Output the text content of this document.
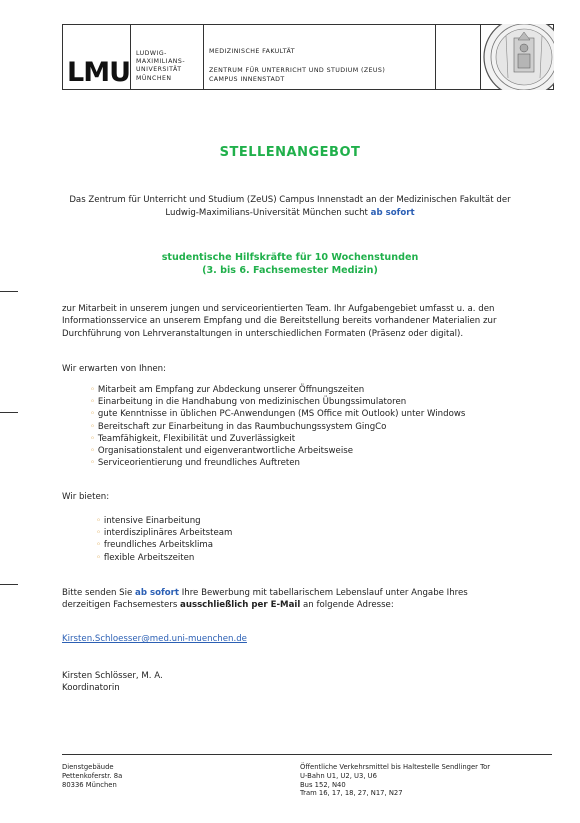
LMU
LUDWIG-
MAXIMILIANS-
UNIVERSITÄT
MÜNCHEN
MEDIZINISCHE FAKULTÄT
ZENTRUM FÜR UNTERRICHT UND STUDIUM (ZEUS)
CAMPUS INNENSTADT
STELLENANGEBOT
Das Zentrum für Unterricht und Studium (ZeUS) Campus Innenstadt an der Medizinischen Fakultät der
Ludwig-Maximilians-Universität München sucht ab sofort
studentische Hilfskräfte für 10 Wochenstunden
(3. bis 6. Fachsemester Medizin)
zur Mitarbeit in unserem jungen und serviceorientierten Team. Ihr Aufgabengebiet umfasst u. a. den
Informationsservice an unserem Empfang und die Bereitstellung bereits vorhandener Materialien zur
Durchführung von Lehrveranstaltungen in unterschiedlichen Formaten (Präsenz oder digital).
Wir erwarten von Ihnen:
◦ Mitarbeit am Empfang zur Abdeckung unserer Öffnungszeiten
◦ Einarbeitung in die Handhabung von medizinischen Übungssimulatoren
◦ gute Kenntnisse in üblichen PC-Anwendungen (MS Office mit Outlook) unter Windows
◦ Bereitschaft zur Einarbeitung in das Raumbuchungssystem GingCo
◦ Teamfähigkeit, Flexibilität und Zuverlässigkeit
◦ Organisationstalent und eigenverantwortliche Arbeitsweise
◦ Serviceorientierung und freundliches Auftreten
Wir bieten:
◦ intensive Einarbeitung
◦ interdisziplinäres Arbeitsteam
◦ freundliches Arbeitsklima
◦ flexible Arbeitszeiten
Bitte senden Sie ab sofort Ihre Bewerbung mit tabellarischem Lebenslauf unter Angabe Ihres
derzeitigen Fachsemesters ausschließlich per E-Mail an folgende Adresse:
Kirsten.Schloesser@med.uni-muenchen.de
Kirsten Schlösser, M. A.
Koordinatorin
Dienstgebäude
Pettenkoferstr. 8a
80336 München
Öffentliche Verkehrsmittel bis Haltestelle Sendlinger Tor
U-Bahn U1, U2, U3, U6
Bus 152, N40
Tram 16, 17, 18, 27, N17, N27
